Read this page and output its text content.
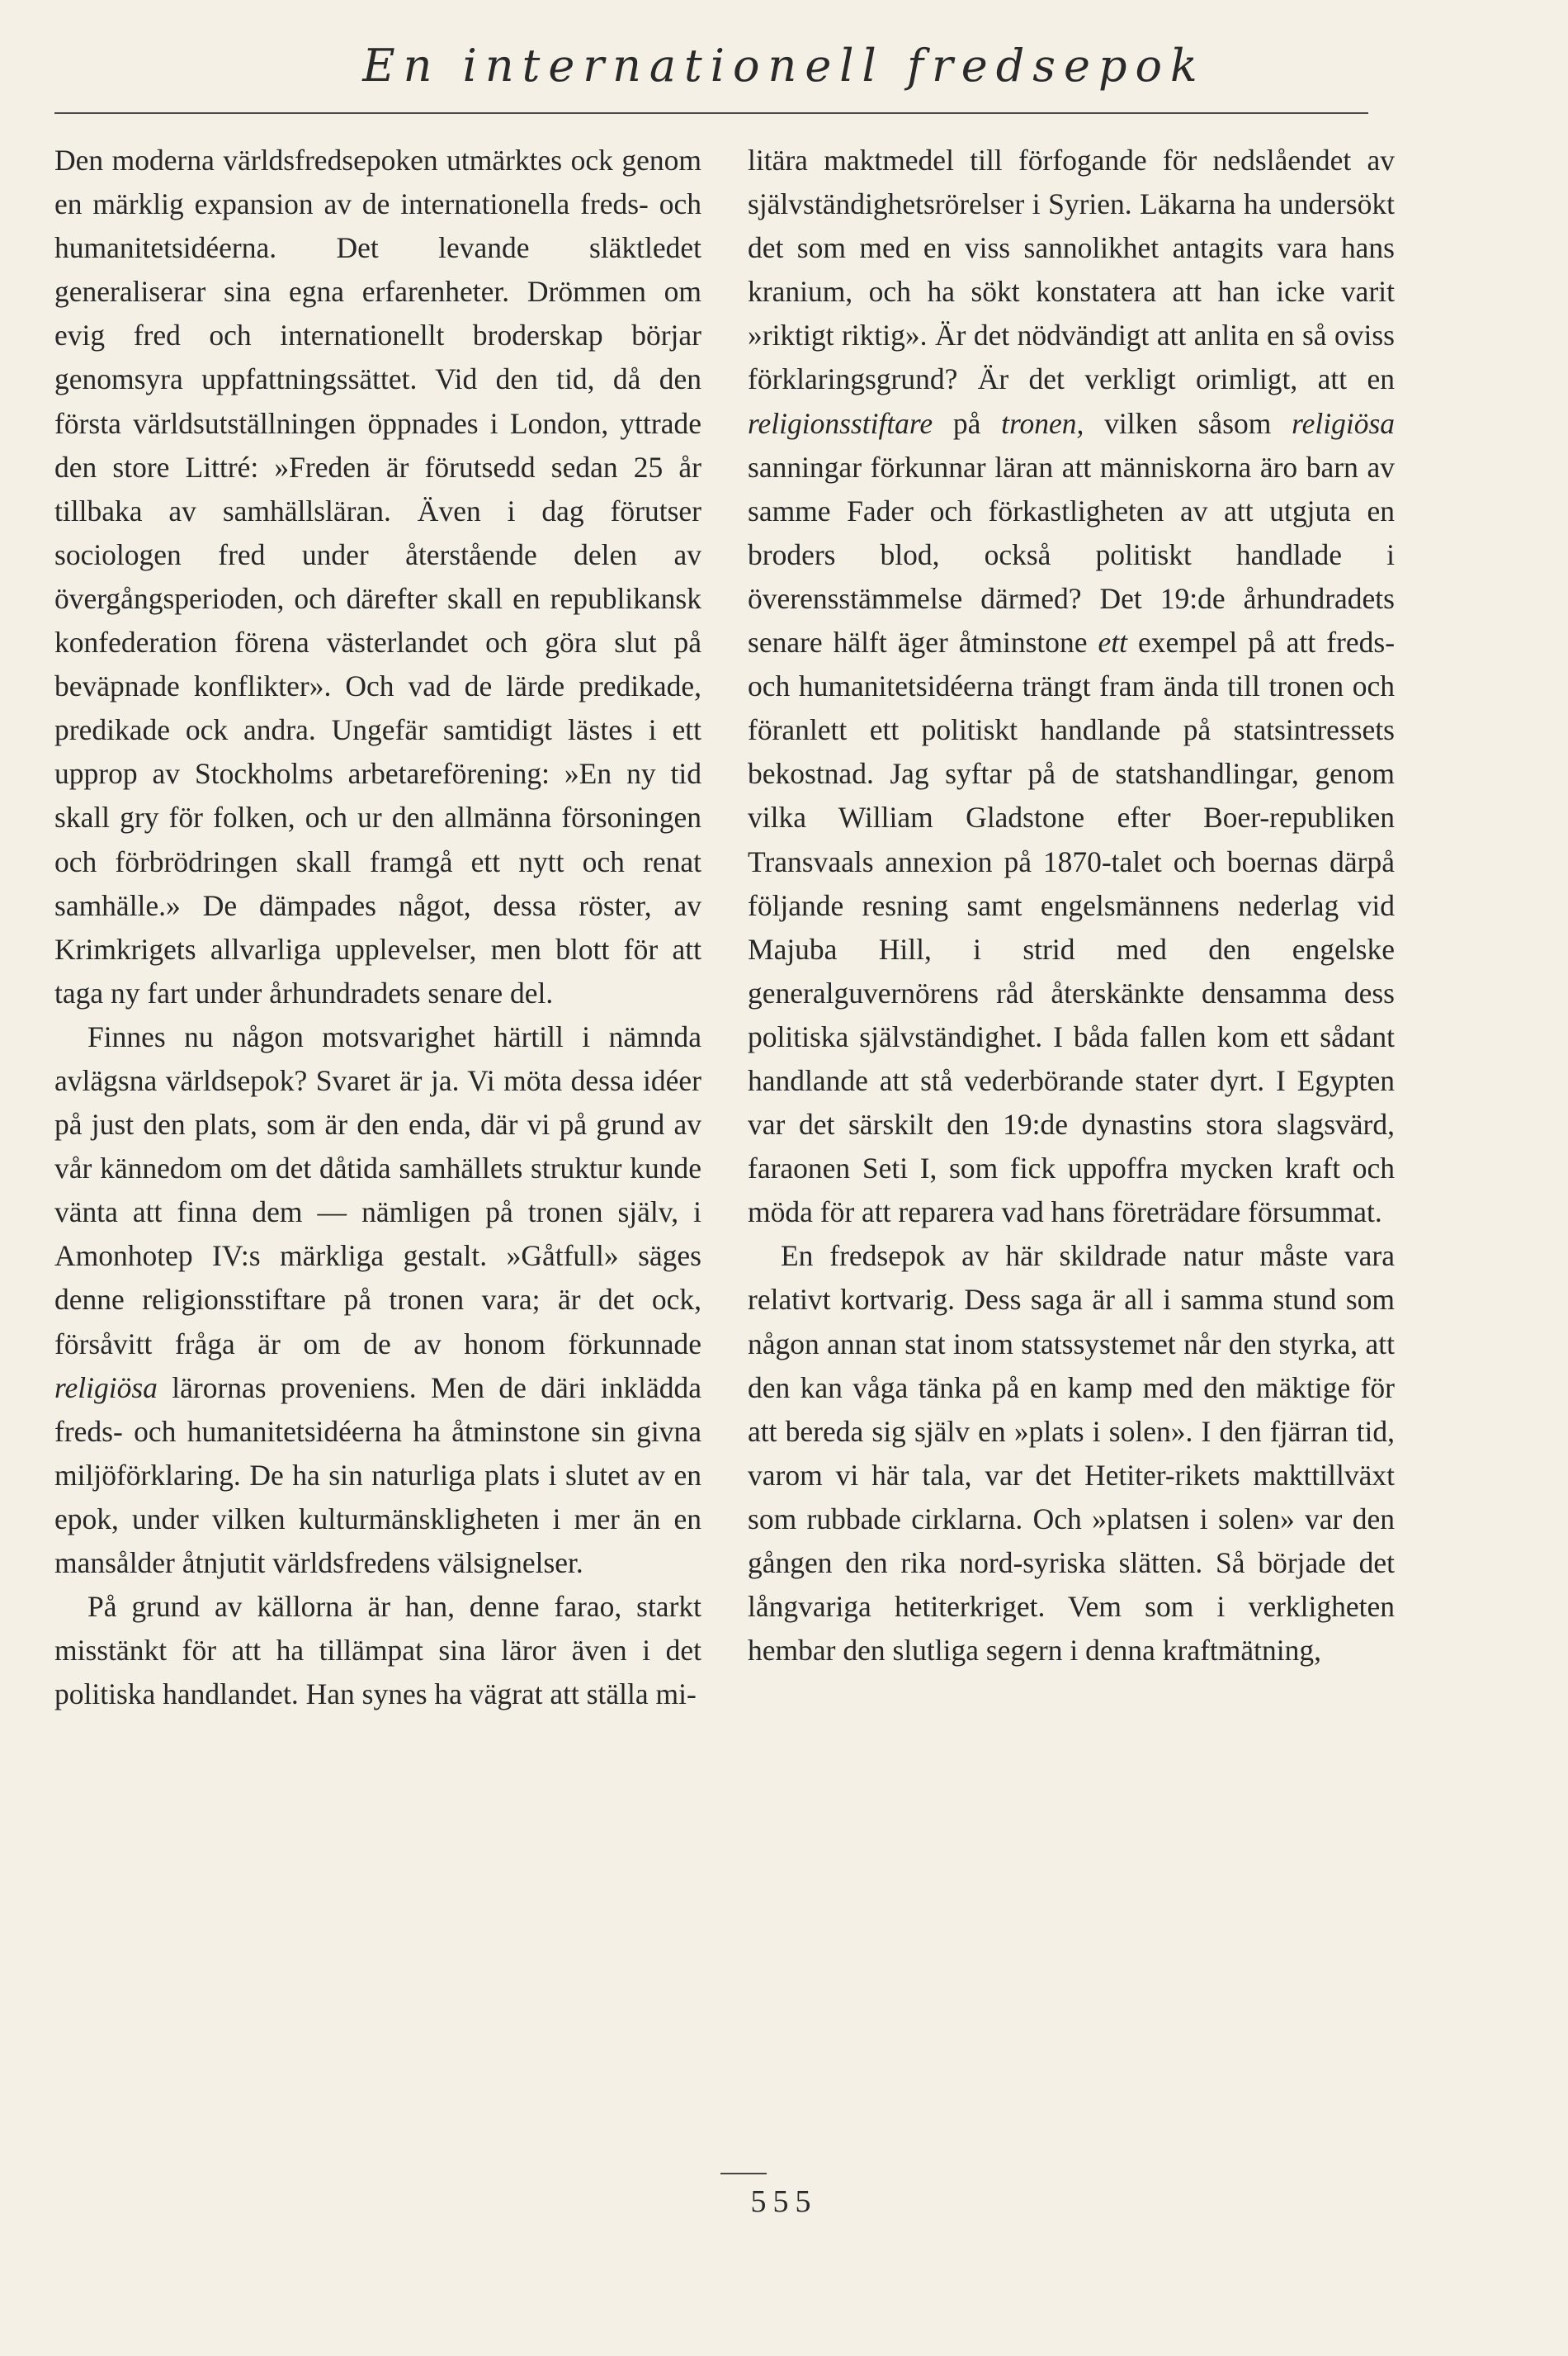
En internationell fredsepok

Den moderna världsfredsepoken utmärktes ock genom en märklig expansion av de internationella freds- och humanitetsidéerna. Det levande släktledet generaliserar sina egna erfarenheter. Drömmen om evig fred och internationellt broderskap börjar genomsyra uppfattningssättet. Vid den tid, då den första världsutställningen öppnades i London, yttrade den store Littré: »Freden är förutsedd sedan 25 år tillbaka av samhällsläran. Även i dag förutser sociologen fred under återstående delen av övergångsperioden, och därefter skall en republikansk konfederation förena västerlandet och göra slut på beväpnade konflikter». Och vad de lärde predikade, predikade ock andra. Ungefär samtidigt lästes i ett upprop av Stockholms arbetareförening: »En ny tid skall gry för folken, och ur den allmänna försoningen och förbrödringen skall framgå ett nytt och renat samhälle.» De dämpades något, dessa röster, av Krimkrigets allvarliga upplevelser, men blott för att taga ny fart under århundradets senare del.

Finnes nu någon motsvarighet härtill i nämnda avlägsna världsepok? Svaret är ja. Vi möta dessa idéer på just den plats, som är den enda, där vi på grund av vår kännedom om det dåtida samhällets struktur kunde vänta att finna dem — nämligen på tronen själv, i Amonhotep IV:s märkliga gestalt. »Gåtfull» säges denne religionsstiftare på tronen vara; är det ock, försåvitt fråga är om de av honom förkunnade religiösa lärornas proveniens. Men de däri inklädda freds- och humanitetsidéerna ha åtminstone sin givna miljöförklaring. De ha sin naturliga plats i slutet av en epok, under vilken kulturmänskligheten i mer än en mansålder åtnjutit världsfredens välsignelser.

På grund av källorna är han, denne farao, starkt misstänkt för att ha tillämpat sina läror även i det politiska handlandet. Han synes ha vägrat att ställa mi-

litära maktmedel till förfogande för nedslåendet av självständighetsrörelser i Syrien. Läkarna ha undersökt det som med en viss sannolikhet antagits vara hans kranium, och ha sökt konstatera att han icke varit »riktigt riktig». Är det nödvändigt att anlita en så oviss förklaringsgrund? Är det verkligt orimligt, att en religionsstiftare på tronen, vilken såsom religiösa sanningar förkunnar läran att människorna äro barn av samme Fader och förkastligheten av att utgjuta en broders blod, också politiskt handlade i överensstämmelse därmed? Det 19:de århundradets senare hälft äger åtminstone ett exempel på att freds- och humanitetsidéerna trängt fram ända till tronen och föranlett ett politiskt handlande på statsintressets bekostnad. Jag syftar på de statshandlingar, genom vilka William Gladstone efter Boer-republiken Transvaals annexion på 1870-talet och boernas därpå följande resning samt engelsmännens nederlag vid Majuba Hill, i strid med den engelske generalguvernörens råd återskänkte densamma dess politiska självständighet. I båda fallen kom ett sådant handlande att stå vederbörande stater dyrt. I Egypten var det särskilt den 19:de dynastins stora slagsvärd, faraonen Seti I, som fick uppoffra mycken kraft och möda för att reparera vad hans företrädare försummat.

En fredsepok av här skildrade natur måste vara relativt kortvarig. Dess saga är all i samma stund som någon annan stat inom statssystemet når den styrka, att den kan våga tänka på en kamp med den mäktige för att bereda sig själv en »plats i solen». I den fjärran tid, varom vi här tala, var det Hetiter-rikets makttillväxt som rubbade cirklarna. Och »platsen i solen» var den gången den rika nord-syriska slätten. Så började det långvariga hetiterkriget. Vem som i verkligheten hembar den slutliga segern i denna kraftmätning,

555
